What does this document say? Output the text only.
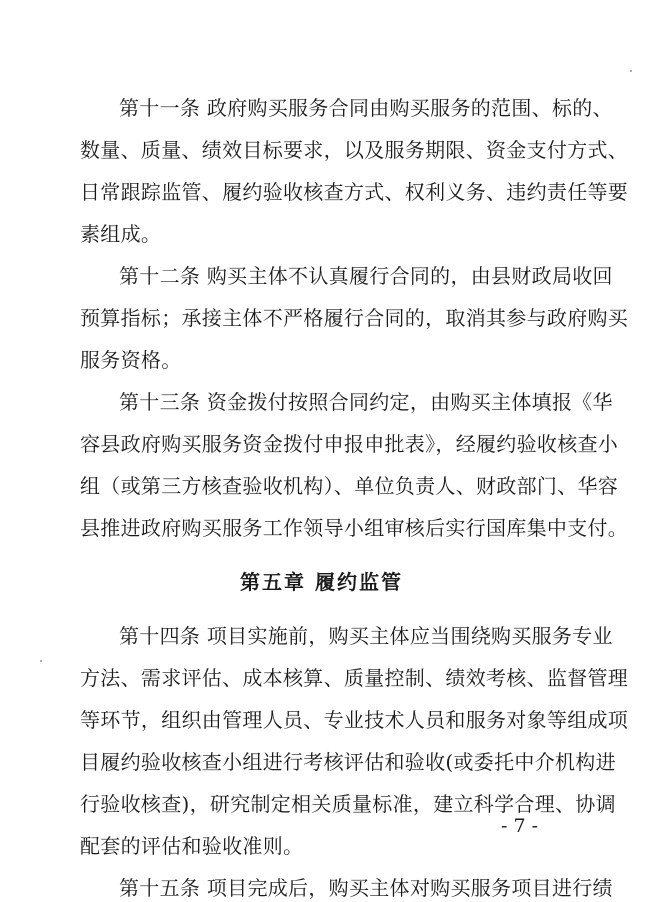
第十一条 政府购买服务合同由购买服务的范围、标的、
数量、质量、绩效目标要求，以及服务期限、资金支付方式、
日常跟踪监管、履约验收核查方式、权利义务、违约责任等要
素组成。
第十二条 购买主体不认真履行合同的，由县财政局收回
预算指标；承接主体不严格履行合同的，取消其参与政府购买
服务资格。
第十三条 资金拨付按照合同约定，由购买主体填报《华
容县政府购买服务资金拨付申报申批表》，经履约验收核查小
组（或第三方核查验收机构）、单位负责人、财政部门、华容
县推进政府购买服务工作领导小组审核后实行国库集中支付。
第五章 履约监管
第十四条 项目实施前，购买主体应当围绕购买服务专业
方法、需求评估、成本核算、质量控制、绩效考核、监督管理
等环节，组织由管理人员、专业技术人员和服务对象等组成项
目履约验收核查小组进行考核评估和验收(或委托中介机构进
行验收核查)，研究制定相关质量标准，建立科学合理、协调
配套的评估和验收准则。
第十五条 项目完成后，购买主体对购买服务项目进行绩
- 7 -
